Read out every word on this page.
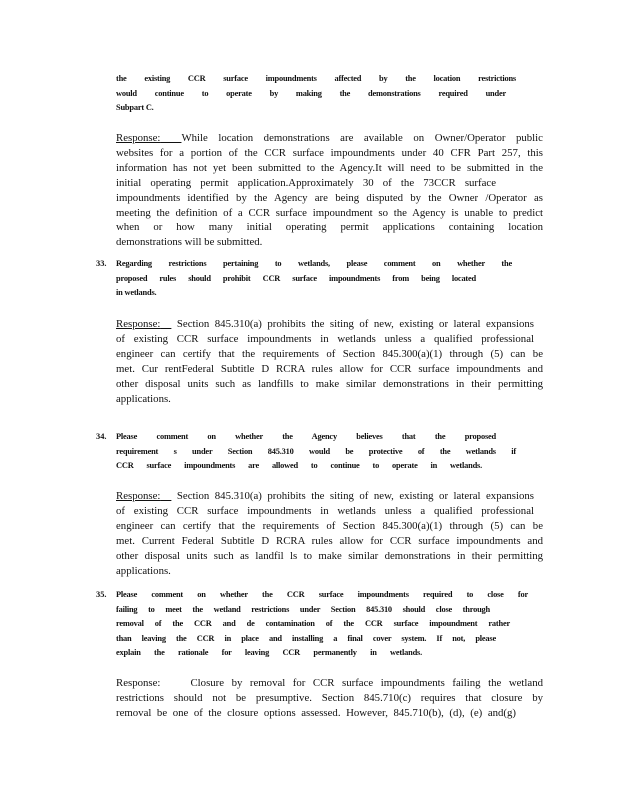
the existing CCR surface impoundments affected by the location restrictions
would continue to operate by making the demonstrations required under
Subpart C.
Response: While location demonstrations are available on Owner/Operator public
websites for a portion of the CCR surface impoundments under 40 CFR Part 257, this
information has not yet been submitted to the Agency.It will need to be submitted in the
initial operating permit application.Approximately 30 of the 73CCR surface
impoundments identified by the Agency are being disputed by the Owner /Operator as
meeting the definition of a CCR surface impoundment so the Agency is unable to predict
when or how many initial operating permit applications containing location
demonstrations will be submitted.
33. Regarding restrictions pertaining to wetlands, please comment on whether the
proposed rules should prohibit CCR surface impoundments from being located
in wetlands.
Response: Section 845.310(a) prohibits the siting of new, existing or lateral expansions
of existing CCR surface impoundments in wetlands unless a qualified professional
engineer can certify that the requirements of Section 845.300(a)(1) through (5) can be
met. Cur rentFederal Subtitle D RCRA rules allow for CCR surface impoundments and
other disposal units such as landfills to make similar demonstrations in their permitting
applications.
34. Please comment on whether the Agency believes that the proposed
requirement s under Section 845.310 would be protective of the wetlands if
CCR surface impoundments are allowed to continue to operate in wetlands.
Response: Section 845.310(a) prohibits the siting of new, existing or lateral expansions
of existing CCR surface impoundments in wetlands unless a qualified professional
engineer can certify that the requirements of Section 845.300(a)(1) through (5) can be
met. Current Federal Subtitle D RCRA rules allow for CCR surface impoundments and
other disposal units such as landfil ls to make similar demonstrations in their permitting
applications.
35. Please comment on whether the CCR surface impoundments required to close for
failing to meet the wetland restrictions under Section 845.310 should close through
removal of the CCR and de contamination of the CCR surface impoundment rather
than leaving the CCR in place and installing a final cover system. If not, please
explain the rationale for leaving CCR permanently in wetlands.
Response:	Closure by removal for CCR surface impoundments failing the wetland
restrictions should not be presumptive. Section 845.710(c) requires that closure by
removal be one of the closure options assessed. However, 845.710(b), (d), (e) and(g)
